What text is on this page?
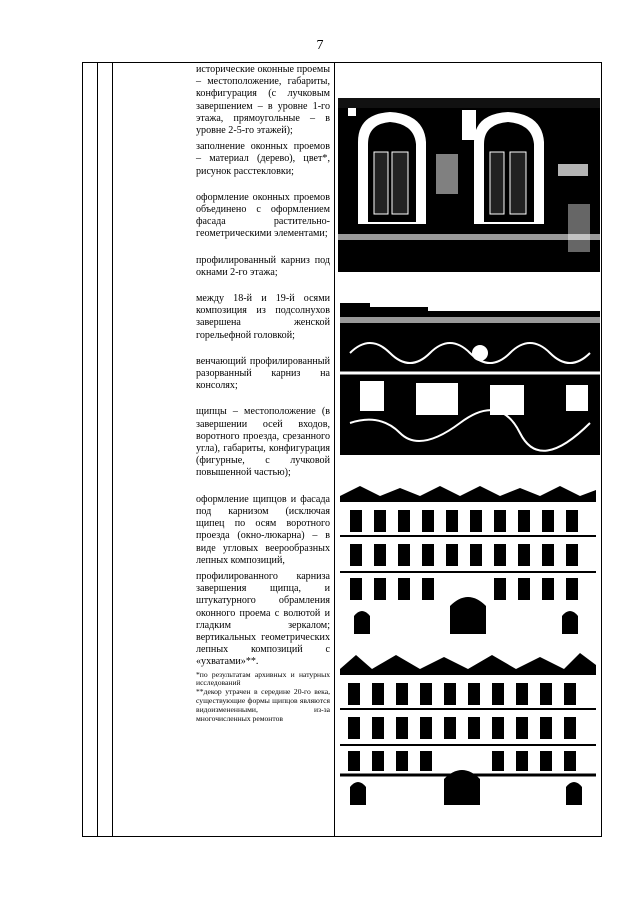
7

исторические оконные проемы – местоположение, габариты, конфигурация (с лучковым завершением – в уровне 1-го этажа, прямоугольные – в уровне 2-5-го этажей);

заполнение оконных проемов – материал (дерево), цвет*, рисунок расстекловки;

оформление оконных проемов объединено с оформлением фасада растительно-геометрическими элементами;

профилированный карниз под окнами 2-го этажа;

между 18-й и 19-й осями композиция из подсолнухов завершена женской горельефной головкой;

венчающий профилированный разорванный карниз на консолях;

щипцы – местоположение (в завершении осей входов, воротного проезда, срезанного угла), габариты, конфигурация (фигурные, с лучковой повышенной частью);

оформление щипцов и фасада под карнизом (исключая щипец по осям воротного проезда (окно-люкарна) – в виде угловых веерообразных лепных композиций,

профилированного карниза завершения щипца, и штукатурного обрамления оконного проема с волютой и гладким зеркалом; вертикальных геометрических лепных композиций с «ухватами»**.

*по результатам архивных и натурных исследований
**декор утрачен в середине 20-го века, существующие формы щипцов являются видоизмененными, из-за многочисленных ремонтов
